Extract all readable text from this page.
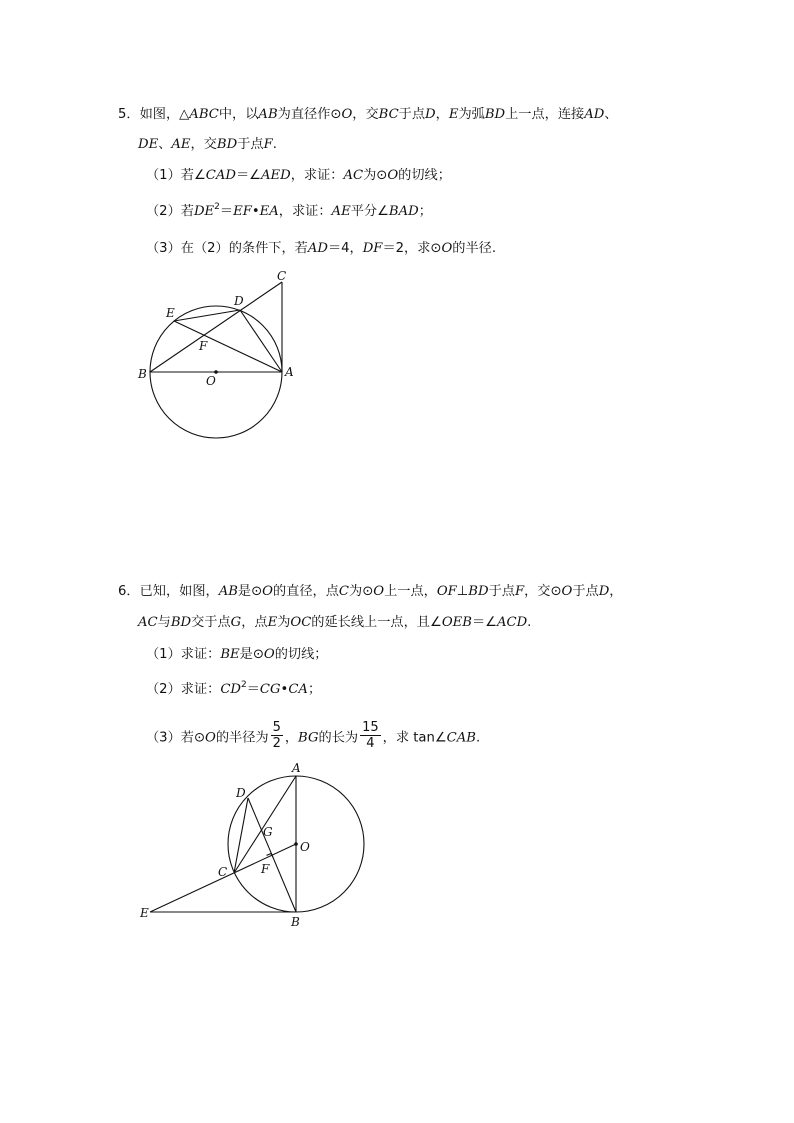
5．如图，△ABC中，以AB为直径作⊙O，交BC于点D，E为弧BD上一点，连接AD、
DE、AE，交BD于点F.
（1）若∠CAD＝∠AED，求证：AC为⊙O的切线；
（2）若$DE^2=EF•EA$，求证：AE平分∠BAD；
（3）在（2）的条件下，若AD＝4，DF＝2，求⊙O的半径.
C
D
E
F
B	O
A
6．已知，如图，AB是⊙O的直径，点C为⊙O上一点，OF⊥BD于点F，交⊙O于点D，
AC与BD交于点G，点E为OC的延长线上一点，且∠OEB＝∠ACD.
（1）求证：BE是⊙O的切线；
（2）求证：$CD^2=CG•CA$；
（3）若⊙O的半径为 $\frac{5}{2}$ ，BG的长为 $\frac{15}{4}$ ，求 tan∠CAB.
A
D
G
O
C	F
E
B
